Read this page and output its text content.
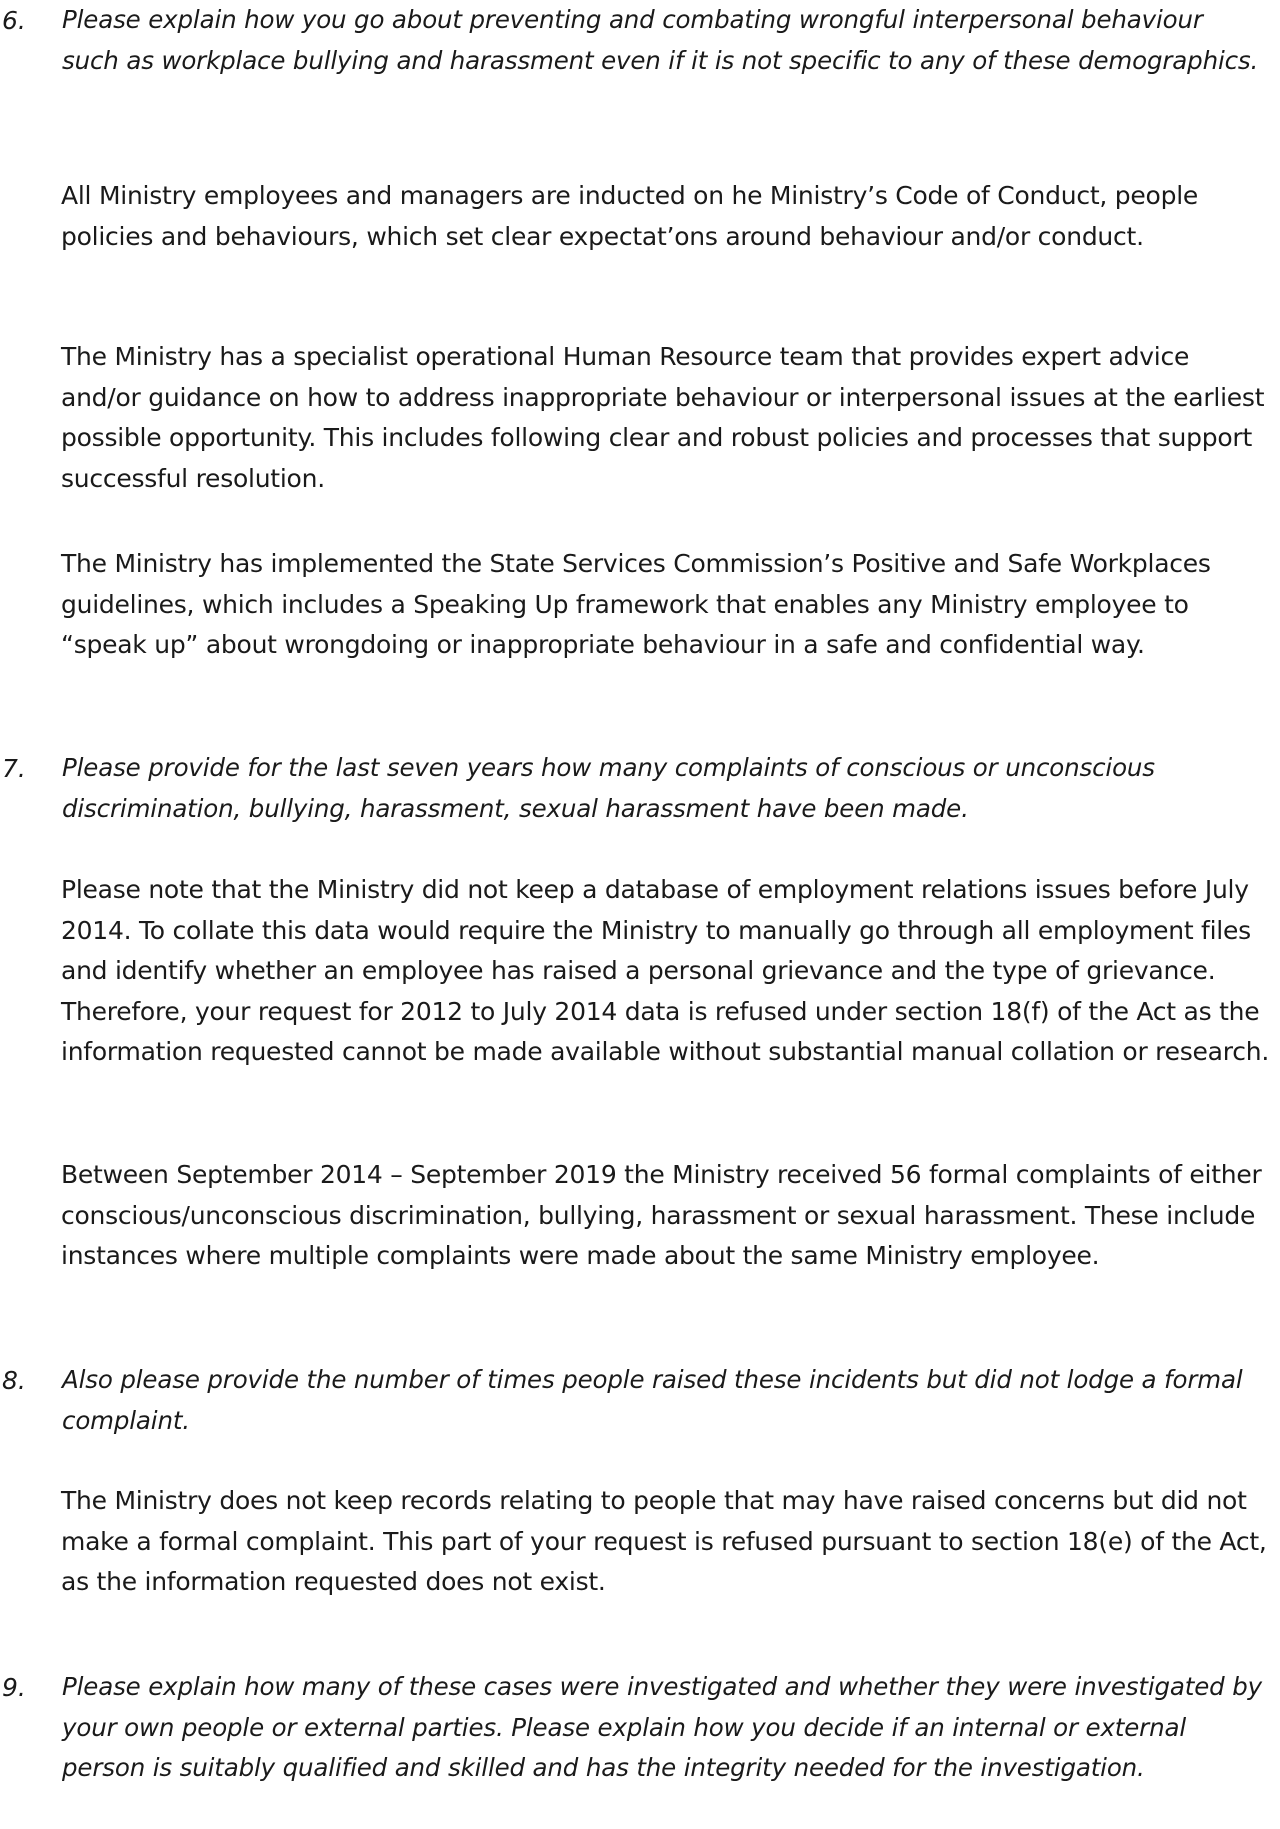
6. Please explain how you go about preventing and combating wrongful interpersonal behaviour such as workplace bullying and harassment even if it is not specific to any of these demographics.

All Ministry employees and managers are inducted on he Ministry’s Code of Conduct, people policies and behaviours, which set clear expectat’ons around behaviour and/or conduct.

The Ministry has a specialist operational Human Resource team that provides expert advice and/or guidance on how to address inappropriate behaviour or interpersonal issues at the earliest possible opportunity. This includes following clear and robust policies and processes that support successful resolution.

The Ministry has implemented the State Services Commission’s Positive and Safe Workplaces guidelines, which includes a Speaking Up framework that enables any Ministry employee to “speak up” about wrongdoing or inappropriate behaviour in a safe and confidential way.

7. Please provide for the last seven years how many complaints of conscious or unconscious discrimination, bullying, harassment, sexual harassment have been made.

Please note that the Ministry did not keep a database of employment relations issues before July 2014. To collate this data would require the Ministry to manually go through all employment files and identify whether an employee has raised a personal grievance and the type of grievance. Therefore, your request for 2012 to July 2014 data is refused under section 18(f) of the Act as the information requested cannot be made available without substantial manual collation or research.

Between September 2014 – September 2019 the Ministry received 56 formal complaints of either conscious/unconscious discrimination, bullying, harassment or sexual harassment. These include instances where multiple complaints were made about the same Ministry employee.

8. Also please provide the number of times people raised these incidents but did not lodge a formal complaint.

The Ministry does not keep records relating to people that may have raised concerns but did not make a formal complaint. This part of your request is refused pursuant to section 18(e) of the Act, as the information requested does not exist.

9. Please explain how many of these cases were investigated and whether they were investigated by your own people or external parties. Please explain how you decide if an internal or external person is suitably qualified and skilled and has the integrity needed for the investigation.
